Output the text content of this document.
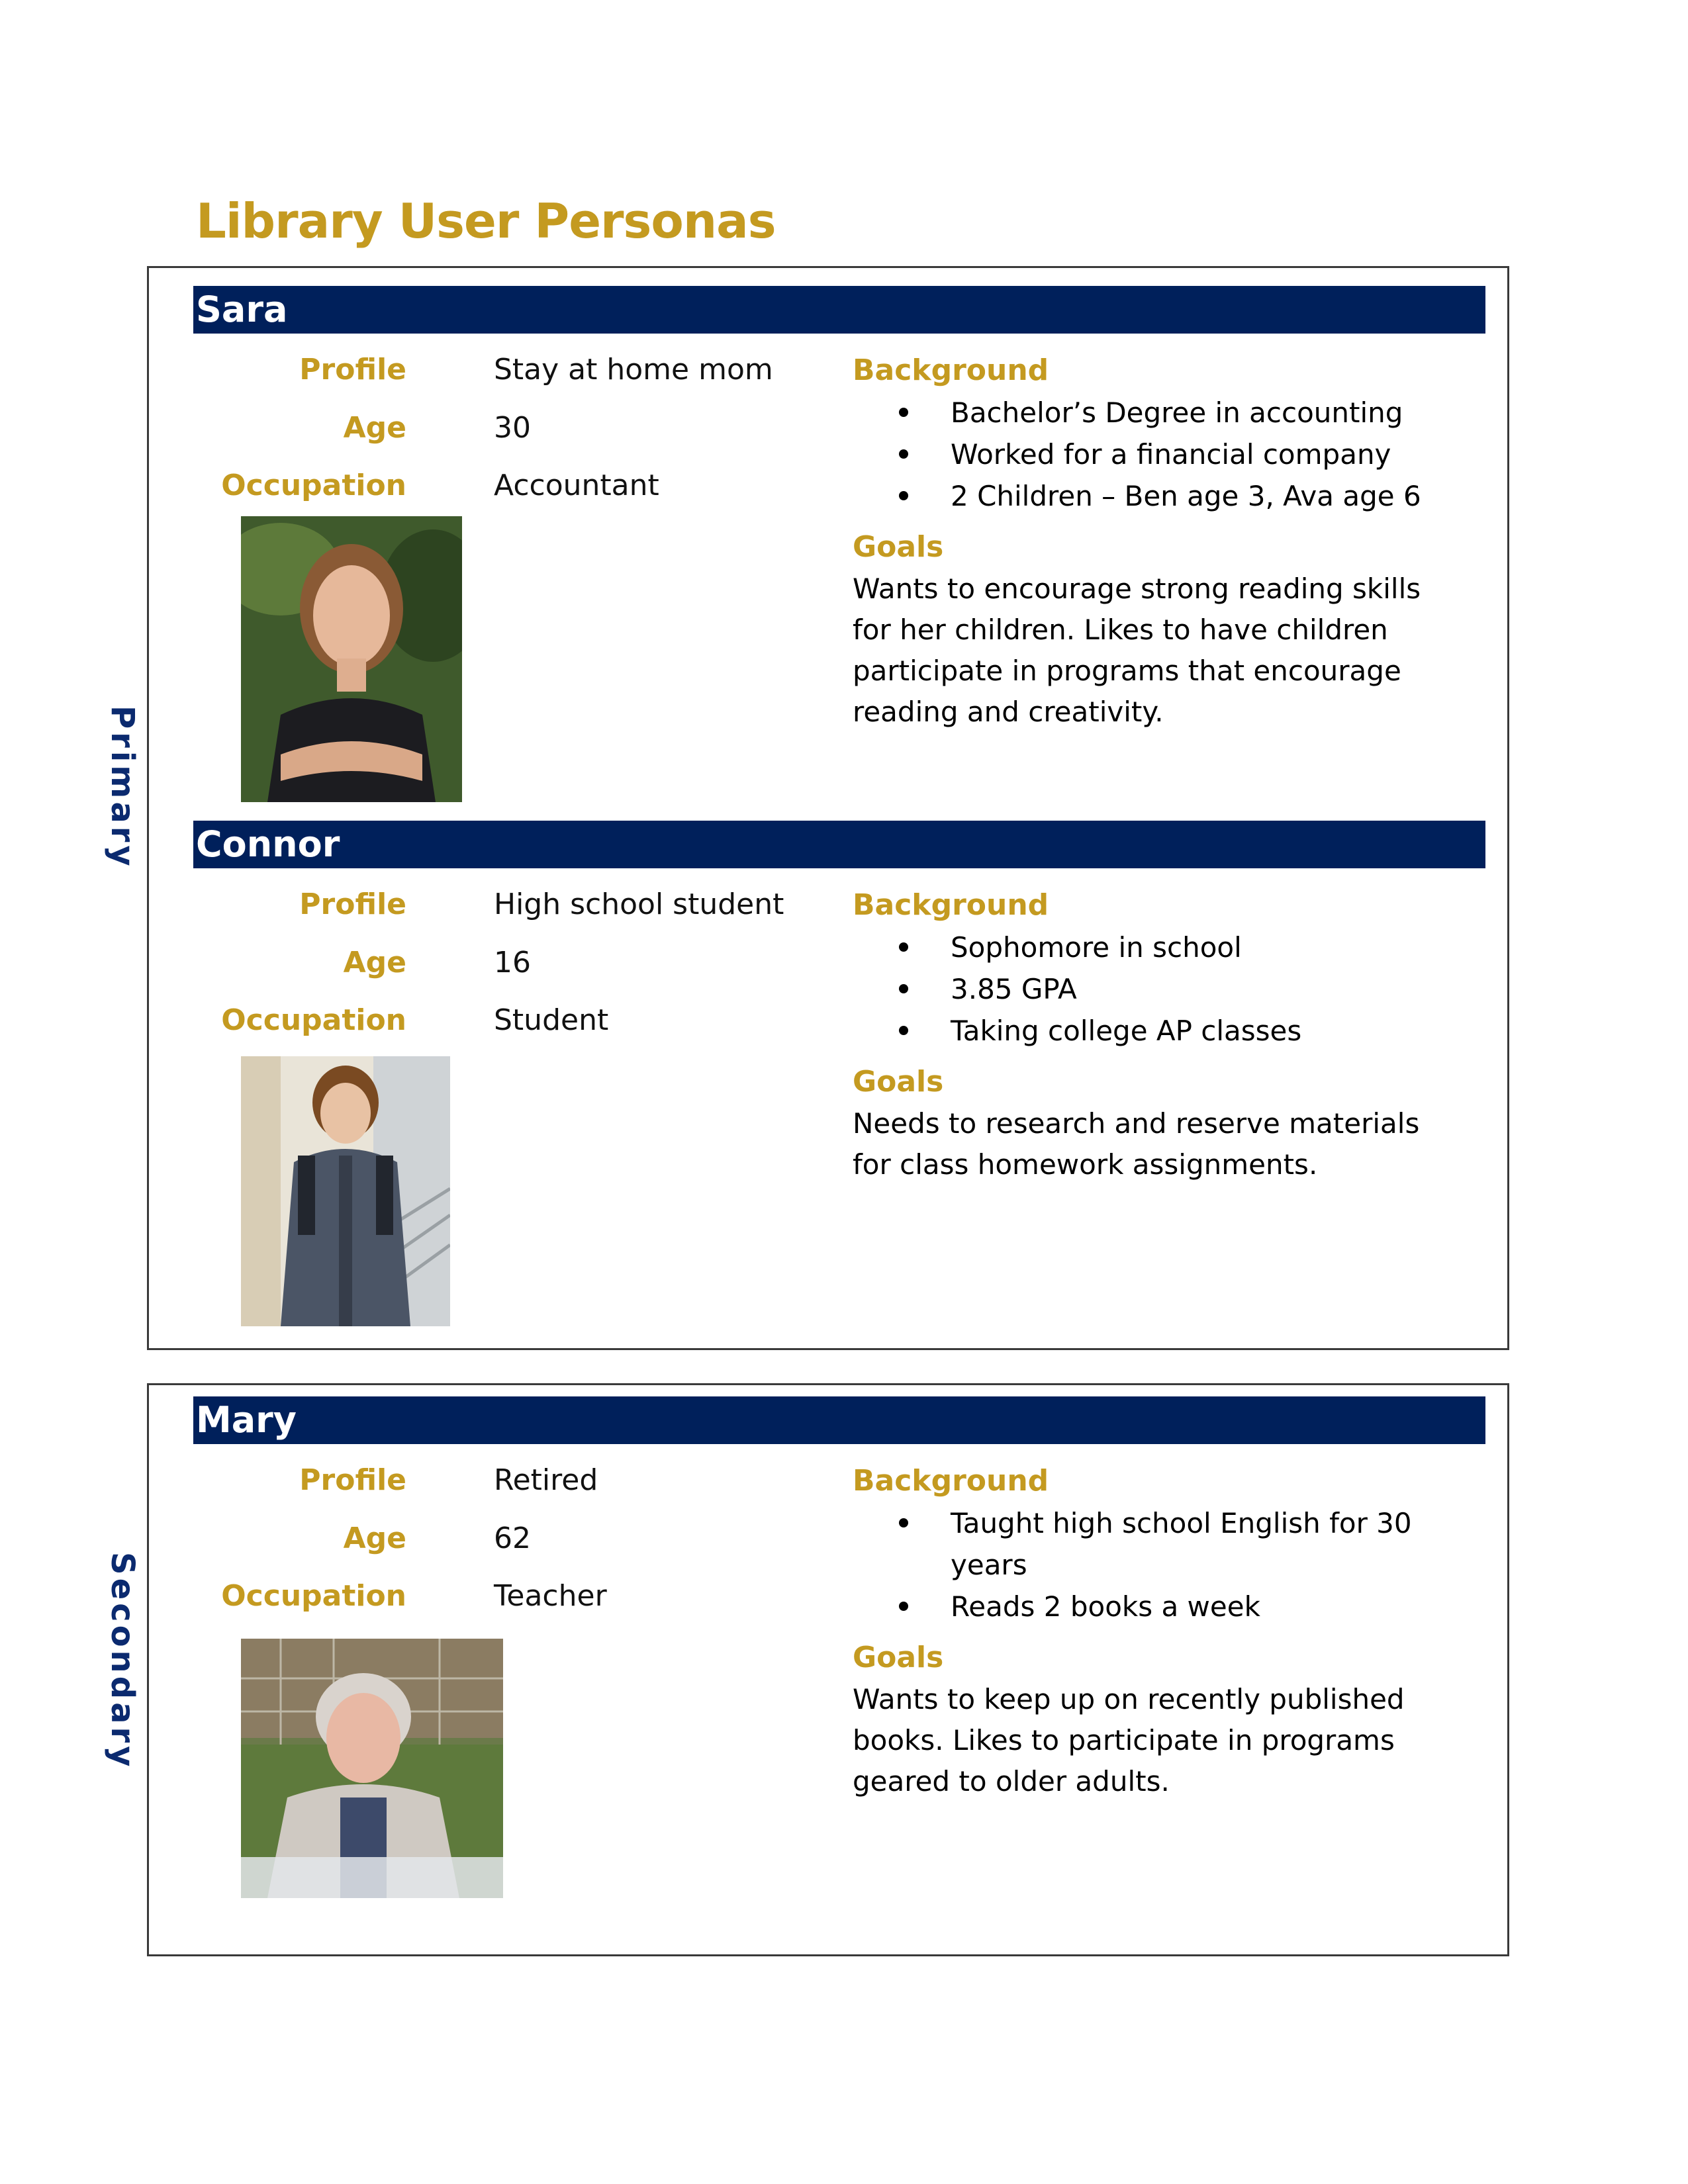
Library User Personas
Primary
Secondary
Sara
Profile	Stay at home mom
Age	30
Occupation	Accountant
Background
Bachelor’s Degree in accounting
Worked for a financial company
2 Children – Ben age 3, Ava age 6
Goals
Wants to encourage strong reading skills for her children. Likes to have children participate in programs that encourage reading and creativity.
Connor
Profile	High school student
Age	16
Occupation	Student
Background
Sophomore in school
3.85 GPA
Taking college AP classes
Goals
Needs to research and reserve materials for class homework assignments.
Mary
Profile	Retired
Age	62
Occupation	Teacher
Background
Taught high school English for 30 years
Reads 2 books a week
Goals
Wants to keep up on recently published books. Likes to participate in programs geared to older adults.
